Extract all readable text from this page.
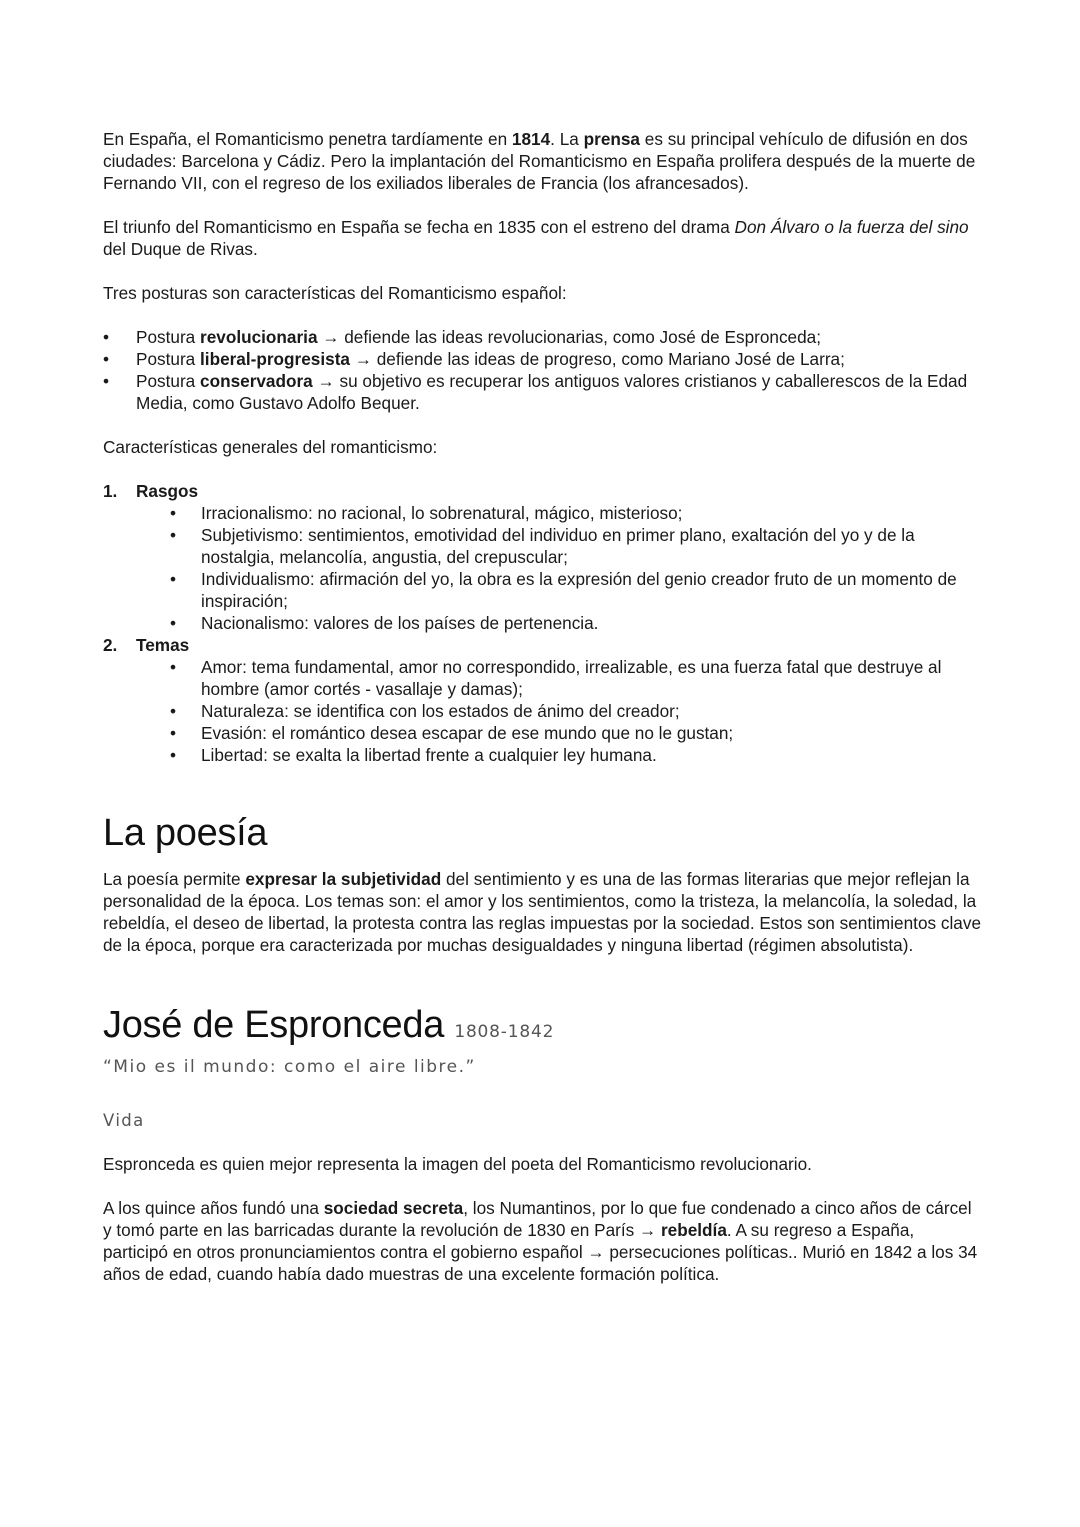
En España, el Romanticismo penetra tardíamente en 1814. La prensa es su principal vehículo de difusión en dos ciudades: Barcelona y Cádiz. Pero la implantación del Romanticismo en España prolifera después de la muerte de Fernando VII, con el regreso de los exiliados liberales de Francia (los afrancesados).

El triunfo del Romanticismo en España se fecha en 1835 con el estreno del drama Don Álvaro o la fuerza del sino del Duque de Rivas.

Tres posturas son características del Romanticismo español:

• Postura revolucionaria → defiende las ideas revolucionarias, como José de Espronceda;
• Postura liberal-progresista → defiende las ideas de progreso, como Mariano José de Larra;
• Postura conservadora → su objetivo es recuperar los antiguos valores cristianos y caballerescos de la Edad Media, como Gustavo Adolfo Bequer.

Características generales del romanticismo:

1. Rasgos
• Irracionalismo: no racional, lo sobrenatural, mágico, misterioso;
• Subjetivismo: sentimientos, emotividad del individuo en primer plano, exaltación del yo y de la nostalgia, melancolía, angustia, del crepuscular;
• Individualismo: afirmación del yo, la obra es la expresión del genio creador fruto de un momento de inspiración;
• Nacionalismo: valores de los países de pertenencia.
2. Temas
• Amor: tema fundamental, amor no correspondido, irrealizable, es una fuerza fatal que destruye al hombre (amor cortés - vasallaje y damas);
• Naturaleza: se identifica con los estados de ánimo del creador;
• Evasión: el romántico desea escapar de ese mundo que no le gustan;
• Libertad: se exalta la libertad frente a cualquier ley humana.
La poesía

La poesía permite expresar la subjetividad del sentimiento y es una de las formas literarias que mejor reflejan la personalidad de la época. Los temas son: el amor y los sentimientos, como la tristeza, la melancolía, la soledad, la rebeldía, el deseo de libertad, la protesta contra las reglas impuestas por la sociedad. Estos son sentimientos clave de la época, porque era caracterizada por muchas desigualdades y ninguna libertad (régimen absolutista).

José de Espronceda 1808-1842

“Mio es il mundo: como el aire libre.”

Vida

Espronceda es quien mejor representa la imagen del poeta del Romanticismo revolucionario.

A los quince años fundó una sociedad secreta, los Numantinos, por lo que fue condenado a cinco años de cárcel y tomó parte en las barricadas durante la revolución de 1830 en París → rebeldía. A su regreso a España, participó en otros pronunciamientos contra el gobierno español → persecuciones políticas.. Murió en 1842 a los 34 años de edad, cuando había dado muestras de una excelente formación política.
